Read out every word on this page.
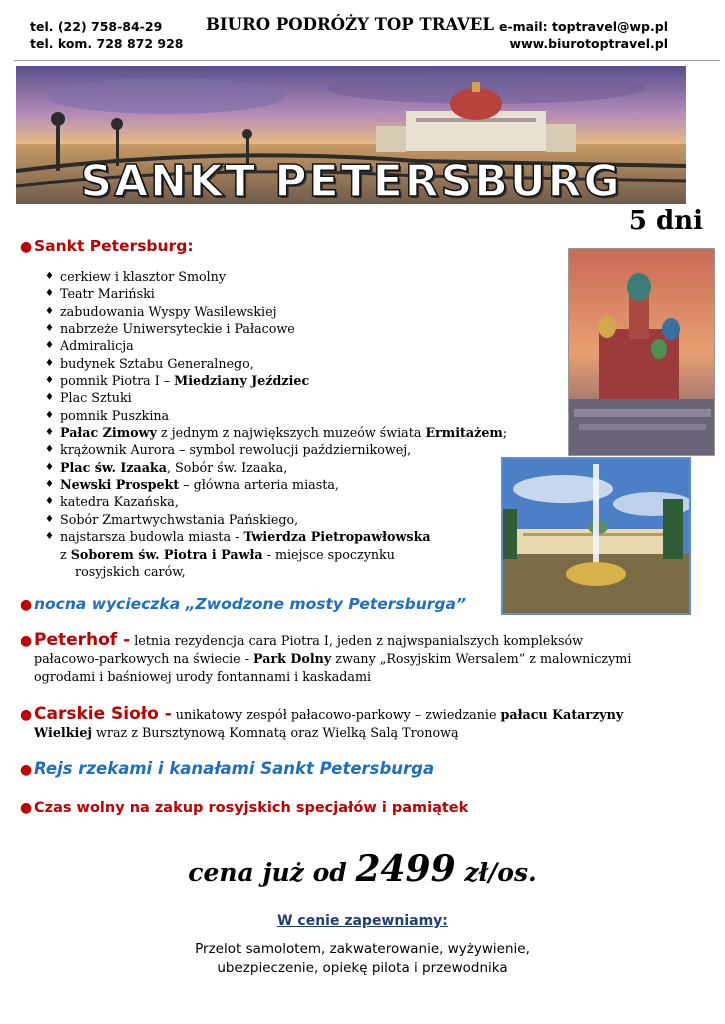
tel. (22) 758-84-29
tel. kom. 728 872 928
BIURO PODRÓŻY TOP TRAVEL e-mail: toptravel@wp.pl
www.biurotoptravel.pl
SANKT PETERSBURG
5 dni
● Sankt Petersburg:
♦ cerkiew i klasztor Smolny
♦ Teatr Mariński
♦ zabudowania Wyspy Wasilewskiej
♦ nabrzeże Uniwersyteckie i Pałacowe
♦ Admiralicja
♦ budynek Sztabu Generalnego,
♦ pomnik Piotra I – Miedziany Jeździec
♦ Plac Sztuki
♦ pomnik Puszkina
♦ Pałac Zimowy z jednym z największych muzeów świata Ermitażem;
♦ krążownik Aurora – symbol rewolucji październikowej,
♦ Plac św. Izaaka, Sobór św. Izaaka,
♦ Newski Prospekt – główna arteria miasta,
♦ katedra Kazańska,
♦ Sobór Zmartwychwstania Pańskiego,
♦ najstarsza budowla miasta - Twierdza Pietropawłowska
z Soborem św. Piotra i Pawła - miejsce spoczynku
rosyjskich carów,
● nocna wycieczka „Zwodzone mosty Petersburga”
● Peterhof - letnia rezydencja cara Piotra I, jeden z najwspanialszych kompleksów
pałacowo-parkowych na świecie - Park Dolny zwany „Rosyjskim Wersalem” z malowniczymi
ogrodami i baśniowej urody fontannami i kaskadami
● Carskie Sioło - unikatowy zespół pałacowo-parkowy – zwiedzanie pałacu Katarzyny
Wielkiej wraz z Bursztynową Komnatą oraz Wielką Salą Tronową
● Rejs rzekami i kanałami Sankt Petersburga
● Czas wolny na zakup rosyjskich specjałów i pamiątek
cena już od 2499 zł/os.
W cenie zapewniamy:
Przelot samolotem, zakwaterowanie, wyżywienie,
ubezpieczenie, opiekę pilota i przewodnika
